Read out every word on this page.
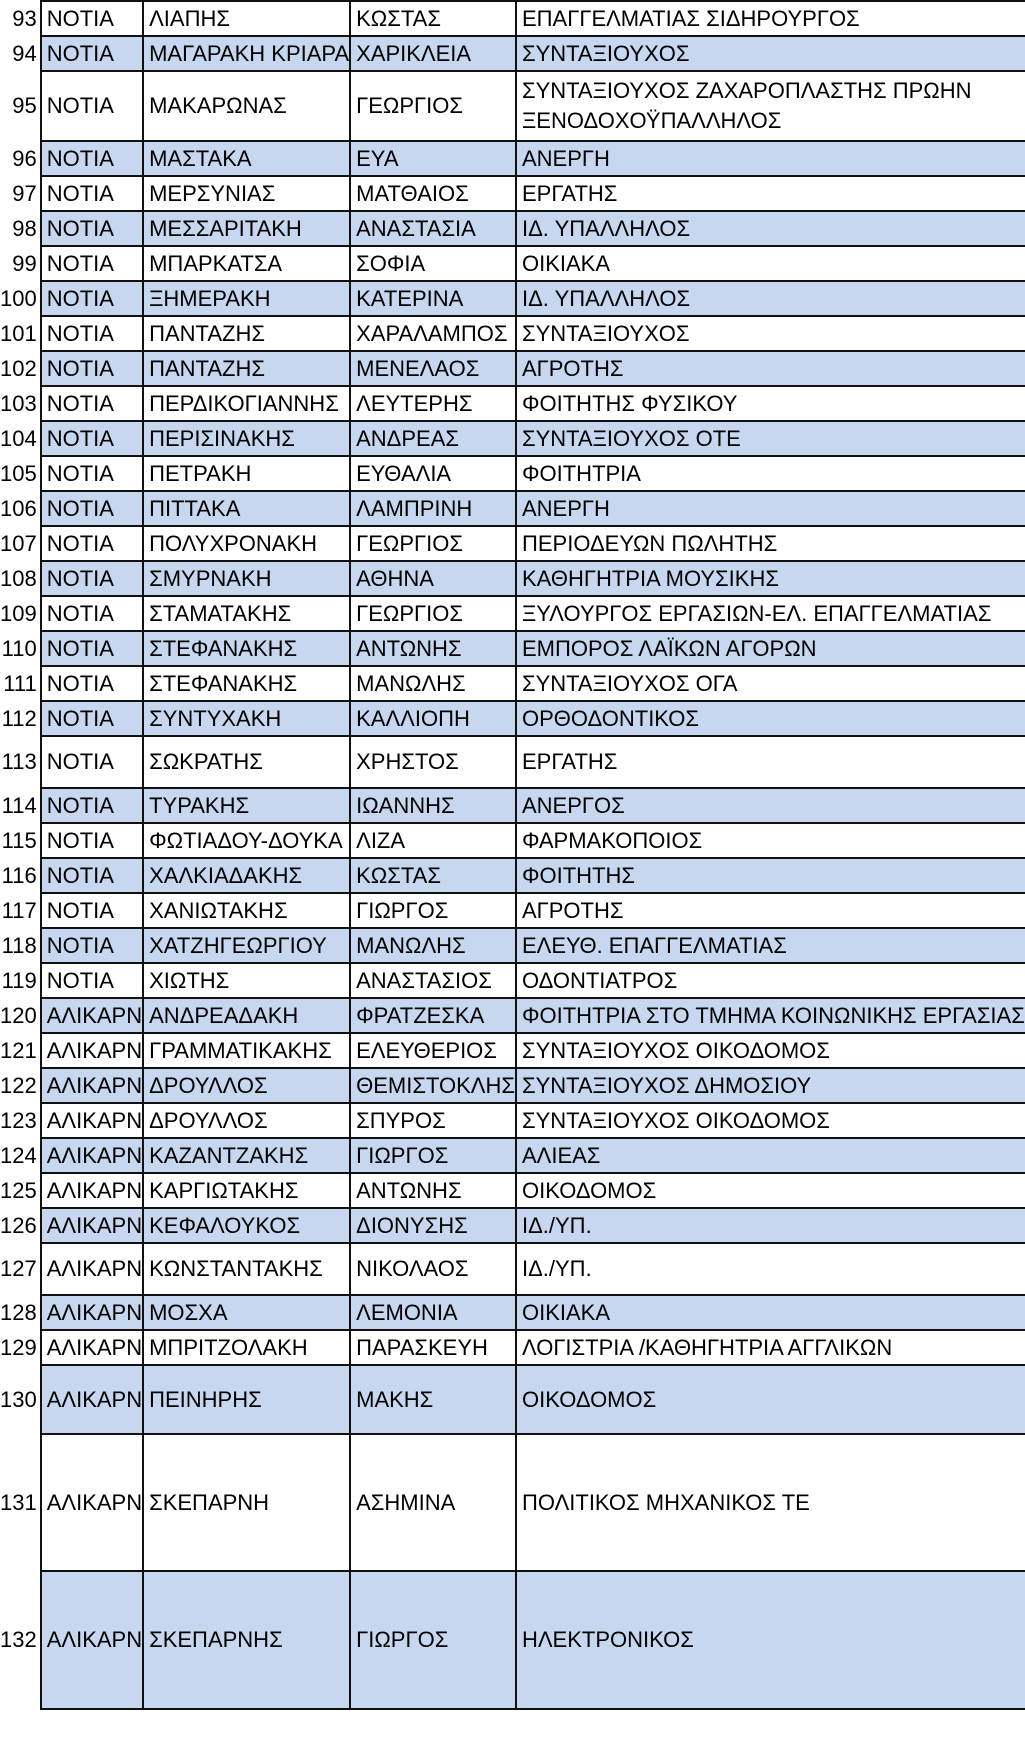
93	ΝΟΤΙΑ	ΛΙΑΠΗΣ	ΚΩΣΤΑΣ	ΕΠΑΓΓΕΛΜΑΤΙΑΣ ΣΙΔΗΡΟΥΡΓΟΣ
94	ΝΟΤΙΑ	ΜΑΓΑΡΑΚΗ ΚΡΙΑΡΑ	ΧΑΡΙΚΛΕΙΑ	ΣΥΝΤΑΞΙΟΥΧΟΣ
95	ΝΟΤΙΑ	ΜΑΚΑΡΩΝΑΣ	ΓΕΩΡΓΙΟΣ	ΣΥΝΤΑΞΙΟΥΧΟΣ ΖΑΧΑΡΟΠΛΑΣΤΗΣ ΠΡΩΗΝ ΞΕΝΟΔΟΧΟΫΠΑΛΛΗΛΟΣ
96	ΝΟΤΙΑ	ΜΑΣΤΑΚΑ	ΕΥΑ	ΑΝΕΡΓΗ
97	ΝΟΤΙΑ	ΜΕΡΣΥΝΙΑΣ	ΜΑΤΘΑΙΟΣ	ΕΡΓΑΤΗΣ
98	ΝΟΤΙΑ	ΜΕΣΣΑΡΙΤΑΚΗ	ΑΝΑΣΤΑΣΙΑ	ΙΔ. ΥΠΑΛΛΗΛΟΣ
99	ΝΟΤΙΑ	ΜΠΑΡΚΑΤΣΑ	ΣΟΦΙΑ	ΟΙΚΙΑΚΑ
100	ΝΟΤΙΑ	ΞΗΜΕΡΑΚΗ	ΚΑΤΕΡΙΝΑ	ΙΔ. ΥΠΑΛΛΗΛΟΣ
101	ΝΟΤΙΑ	ΠΑΝΤΑΖΗΣ	ΧΑΡΑΛΑΜΠΟΣ	ΣΥΝΤΑΞΙΟΥΧΟΣ
102	ΝΟΤΙΑ	ΠΑΝΤΑΖΗΣ	ΜΕΝΕΛΑΟΣ	ΑΓΡΟΤΗΣ
103	ΝΟΤΙΑ	ΠΕΡΔΙΚΟΓΙΑΝΝΗΣ	ΛΕΥΤΕΡΗΣ	ΦΟΙΤΗΤΗΣ ΦΥΣΙΚΟΥ
104	ΝΟΤΙΑ	ΠΕΡΙΣΙΝΑΚΗΣ	ΑΝΔΡΕΑΣ	ΣΥΝΤΑΞΙΟΥΧΟΣ ΟΤΕ
105	ΝΟΤΙΑ	ΠΕΤΡΑΚΗ	ΕΥΘΑΛΙΑ	ΦΟΙΤΗΤΡΙΑ
106	ΝΟΤΙΑ	ΠΙΤΤΑΚΑ	ΛΑΜΠΡΙΝΗ	ΑΝΕΡΓΗ
107	ΝΟΤΙΑ	ΠΟΛΥΧΡΟΝΑΚΗ	ΓΕΩΡΓΙΟΣ	ΠΕΡΙΟΔΕΥΩΝ ΠΩΛΗΤΗΣ
108	ΝΟΤΙΑ	ΣΜΥΡΝΑΚΗ	ΑΘΗΝΑ	ΚΑΘΗΓΗΤΡΙΑ ΜΟΥΣΙΚΗΣ
109	ΝΟΤΙΑ	ΣΤΑΜΑΤΑΚΗΣ	ΓΕΩΡΓΙΟΣ	ΞΥΛΟΥΡΓΟΣ ΕΡΓΑΣΙΩΝ-ΕΛ. ΕΠΑΓΓΕΛΜΑΤΙΑΣ
110	ΝΟΤΙΑ	ΣΤΕΦΑΝΑΚΗΣ	ΑΝΤΩΝΗΣ	ΕΜΠΟΡΟΣ ΛΑΪΚΩΝ ΑΓΟΡΩΝ
111	ΝΟΤΙΑ	ΣΤΕΦΑΝΑΚΗΣ	ΜΑΝΩΛΗΣ	ΣΥΝΤΑΞΙΟΥΧΟΣ ΟΓΑ
112	ΝΟΤΙΑ	ΣΥΝΤΥΧΑΚΗ	ΚΑΛΛΙΟΠΗ	ΟΡΘΟΔΟΝΤΙΚΟΣ
113	ΝΟΤΙΑ	ΣΩΚΡΑΤΗΣ	ΧΡΗΣΤΟΣ	ΕΡΓΑΤΗΣ
114	ΝΟΤΙΑ	ΤΥΡΑΚΗΣ	ΙΩΑΝΝΗΣ	ΑΝΕΡΓΟΣ
115	ΝΟΤΙΑ	ΦΩΤΙΑΔΟΥ-ΔΟΥΚΑ	ΛΙΖΑ	ΦΑΡΜΑΚΟΠΟΙΟΣ
116	ΝΟΤΙΑ	ΧΑΛΚΙΑΔΑΚΗΣ	ΚΩΣΤΑΣ	ΦΟΙΤΗΤΗΣ
117	ΝΟΤΙΑ	ΧΑΝΙΩΤΑΚΗΣ	ΓΙΩΡΓΟΣ	ΑΓΡΟΤΗΣ
118	ΝΟΤΙΑ	ΧΑΤΖΗΓΕΩΡΓΙΟΥ	ΜΑΝΩΛΗΣ	ΕΛΕΥΘ. ΕΠΑΓΓΕΛΜΑΤΙΑΣ
119	ΝΟΤΙΑ	ΧΙΩΤΗΣ	ΑΝΑΣΤΑΣΙΟΣ	ΟΔΟΝΤΙΑΤΡΟΣ
120	ΑΛΙΚΑΡΝ	ΑΝΔΡΕΑΔΑΚΗ	ΦΡΑΤΖΕΣΚΑ	ΦΟΙΤΗΤΡΙΑ ΣΤΟ ΤΜΗΜΑ ΚΟΙΝΩΝΙΚΗΣ ΕΡΓΑΣΙΑΣ
121	ΑΛΙΚΑΡΝ	ΓΡΑΜΜΑΤΙΚΑΚΗΣ	ΕΛΕΥΘΕΡΙΟΣ	ΣΥΝΤΑΞΙΟΥΧΟΣ ΟΙΚΟΔΟΜΟΣ
122	ΑΛΙΚΑΡΝ	ΔΡΟΥΛΛΟΣ	ΘΕΜΙΣΤΟΚΛΗΣ	ΣΥΝΤΑΞΙΟΥΧΟΣ ΔΗΜΟΣΙΟΥ
123	ΑΛΙΚΑΡΝ	ΔΡΟΥΛΛΟΣ	ΣΠΥΡΟΣ	ΣΥΝΤΑΞΙΟΥΧΟΣ ΟΙΚΟΔΟΜΟΣ
124	ΑΛΙΚΑΡΝ	ΚΑΖΑΝΤΖΑΚΗΣ	ΓΙΩΡΓΟΣ	ΑΛΙΕΑΣ
125	ΑΛΙΚΑΡΝ	ΚΑΡΓΙΩΤΑΚΗΣ	ΑΝΤΩΝΗΣ	ΟΙΚΟΔΟΜΟΣ
126	ΑΛΙΚΑΡΝ	ΚΕΦΑΛΟΥΚΟΣ	ΔΙΟΝΥΣΗΣ	ΙΔ./ΥΠ.
127	ΑΛΙΚΑΡΝ	ΚΩΝΣΤΑΝΤΑΚΗΣ	ΝΙΚΟΛΑΟΣ	ΙΔ./ΥΠ.
128	ΑΛΙΚΑΡΝ	ΜΟΣΧΑ	ΛΕΜΟΝΙΑ	ΟΙΚΙΑΚΑ
129	ΑΛΙΚΑΡΝ	ΜΠΡΙΤΖΟΛΑΚΗ	ΠΑΡΑΣΚΕΥΗ	ΛΟΓΙΣΤΡΙΑ /ΚΑΘΗΓΗΤΡΙΑ ΑΓΓΛΙΚΩΝ
130	ΑΛΙΚΑΡΝ	ΠΕΙΝΗΡΗΣ	ΜΑΚΗΣ	ΟΙΚΟΔΟΜΟΣ
131	ΑΛΙΚΑΡΝ	ΣΚΕΠΑΡΝΗ	ΑΣΗΜΙΝΑ	ΠΟΛΙΤΙΚΟΣ ΜΗΧΑΝΙΚΟΣ ΤΕ
132	ΑΛΙΚΑΡΝ	ΣΚΕΠΑΡΝΗΣ	ΓΙΩΡΓΟΣ	ΗΛΕΚΤΡΟΝΙΚΟΣ
